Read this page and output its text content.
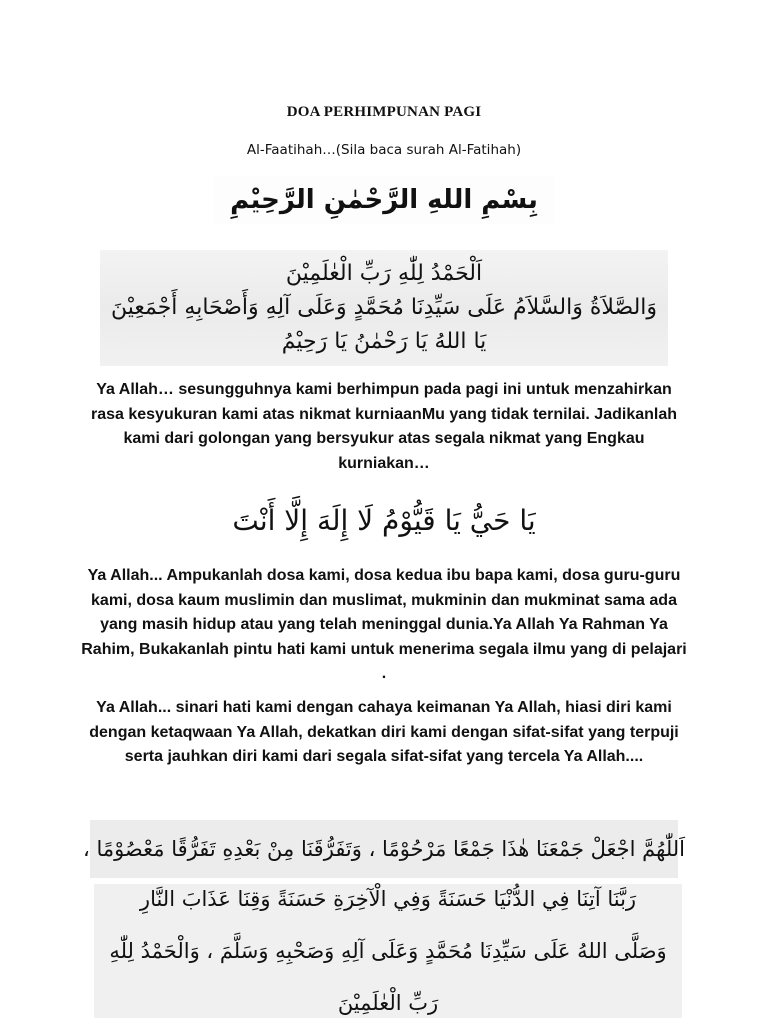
DOA PERHIMPUNAN PAGI
Al-Faatihah…(Sila baca surah Al-Fatihah)
بِسْمِ اللهِ الرَّحْمٰنِ الرَّحِيْمِ
اَلْحَمْدُ لِلّٰهِ رَبِّ الْعٰلَمِيْنَ
وَالصَّلاَةُ وَالسَّلاَمُ عَلَى سَيِّدِنَا مُحَمَّدٍ وَعَلَى آلِهِ وَأَصْحَابِهِ أَجْمَعِيْنَ
يَا اللهُ يَا رَحْمٰنُ يَا رَحِيْمُ
Ya Allah… sesungguhnya kami berhimpun pada pagi ini untuk menzahirkan rasa kesyukuran kami atas nikmat kurniaanMu yang tidak ternilai. Jadikanlah kami dari golongan yang bersyukur atas segala nikmat yang Engkau kurniakan…
يَا حَيُّ يَا قَيُّوْمُ لَا إِلَهَ إِلَّا أَنْتَ
Ya Allah... Ampukanlah dosa kami, dosa kedua ibu bapa kami, dosa guru-guru kami, dosa kaum muslimin dan muslimat, mukminin dan mukminat sama ada yang masih hidup atau yang telah meninggal dunia.Ya Allah Ya Rahman Ya Rahim, Bukakanlah pintu hati kami untuk menerima segala ilmu yang di pelajari .
Ya Allah... sinari hati kami dengan cahaya keimanan Ya Allah, hiasi diri kami dengan ketaqwaan Ya Allah, dekatkan diri kami dengan sifat-sifat yang terpuji serta jauhkan diri kami dari segala sifat-sifat yang tercela Ya Allah....
اَللّٰهُمَّ اجْعَلْ جَمْعَنَا هٰذَا جَمْعًا مَرْحُوْمًا ، وَتَفَرُّقَنَا مِنْ بَعْدِهِ تَفَرُّقًا مَعْصُوْمًا ،
رَبَّنَا آتِنَا فِي الدُّنْيَا حَسَنَةً وَفِي الْآخِرَةِ حَسَنَةً وَقِنَا عَذَابَ النَّارِ
وَصَلَّى اللهُ عَلَى سَيِّدِنَا مُحَمَّدٍ وَعَلَى آلِهِ وَصَحْبِهِ وَسَلَّمَ ، وَالْحَمْدُ لِلّٰهِ رَبِّ الْعٰلَمِيْنَ
